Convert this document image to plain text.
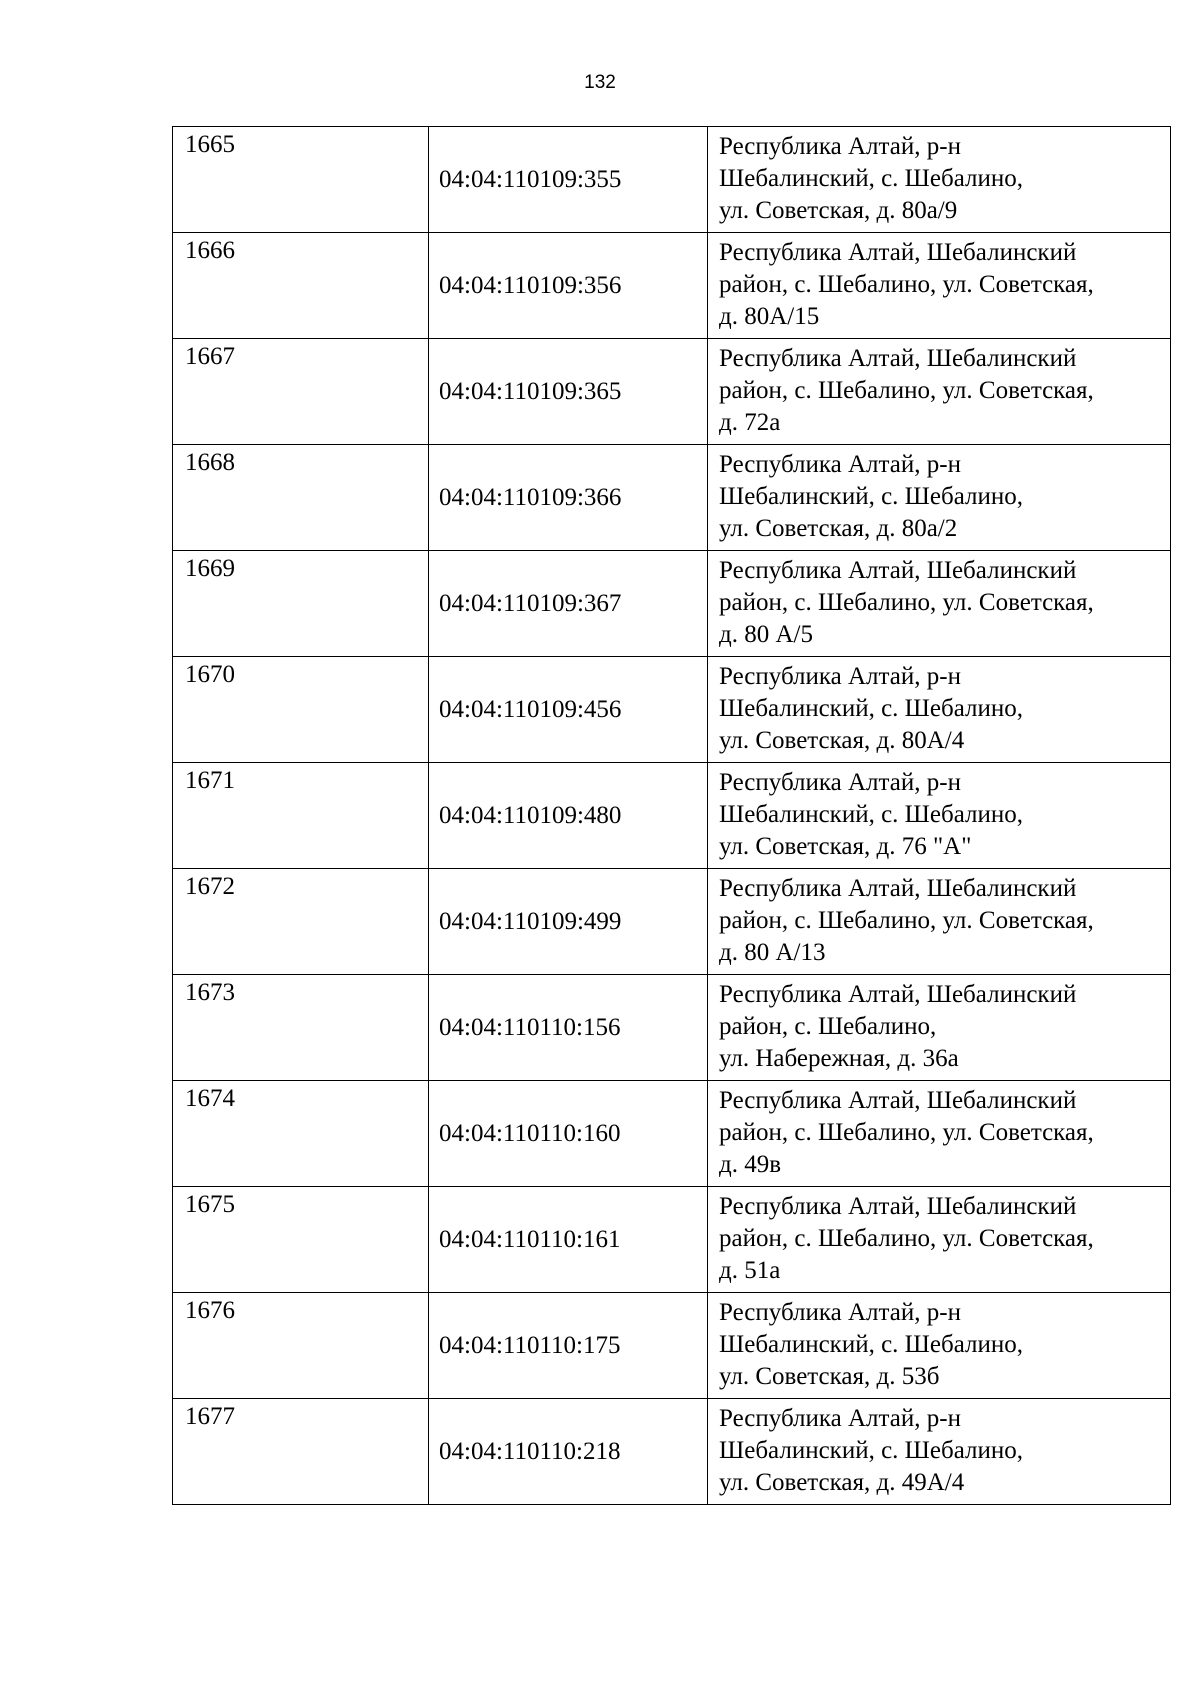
132
1665	04:04:110109:355	Республика Алтай, р-н
Шебалинский, с. Шебалино,
ул. Советская, д. 80а/9

1666	04:04:110109:356	Республика Алтай, Шебалинский
район, с. Шебалино, ул. Советская,
д. 80А/15

1667	04:04:110109:365	Республика Алтай, Шебалинский
район, с. Шебалино, ул. Советская,
д. 72а

1668	04:04:110109:366	Республика Алтай, р-н
Шебалинский, с. Шебалино,
ул. Советская, д. 80а/2

1669	04:04:110109:367	Республика Алтай, Шебалинский
район, с. Шебалино, ул. Советская,
д. 80 А/5

1670	04:04:110109:456	Республика Алтай, р-н
Шебалинский, с. Шебалино,
ул. Советская, д. 80А/4

1671	04:04:110109:480	Республика Алтай, р-н
Шебалинский, с. Шебалино,
ул. Советская, д. 76 "А"

1672	04:04:110109:499	Республика Алтай, Шебалинский
район, с. Шебалино, ул. Советская,
д. 80 А/13

1673	04:04:110110:156	Республика Алтай, Шебалинский
район, с. Шебалино,
ул. Набережная, д. 36а

1674	04:04:110110:160	Республика Алтай, Шебалинский
район, с. Шебалино, ул. Советская,
д. 49в

1675	04:04:110110:161	Республика Алтай, Шебалинский
район, с. Шебалино, ул. Советская,
д. 51а

1676	04:04:110110:175	Республика Алтай, р-н
Шебалинский, с. Шебалино,
ул. Советская, д. 53б

1677	04:04:110110:218	Республика Алтай, р-н
Шебалинский, с. Шебалино,
ул. Советская, д. 49А/4
